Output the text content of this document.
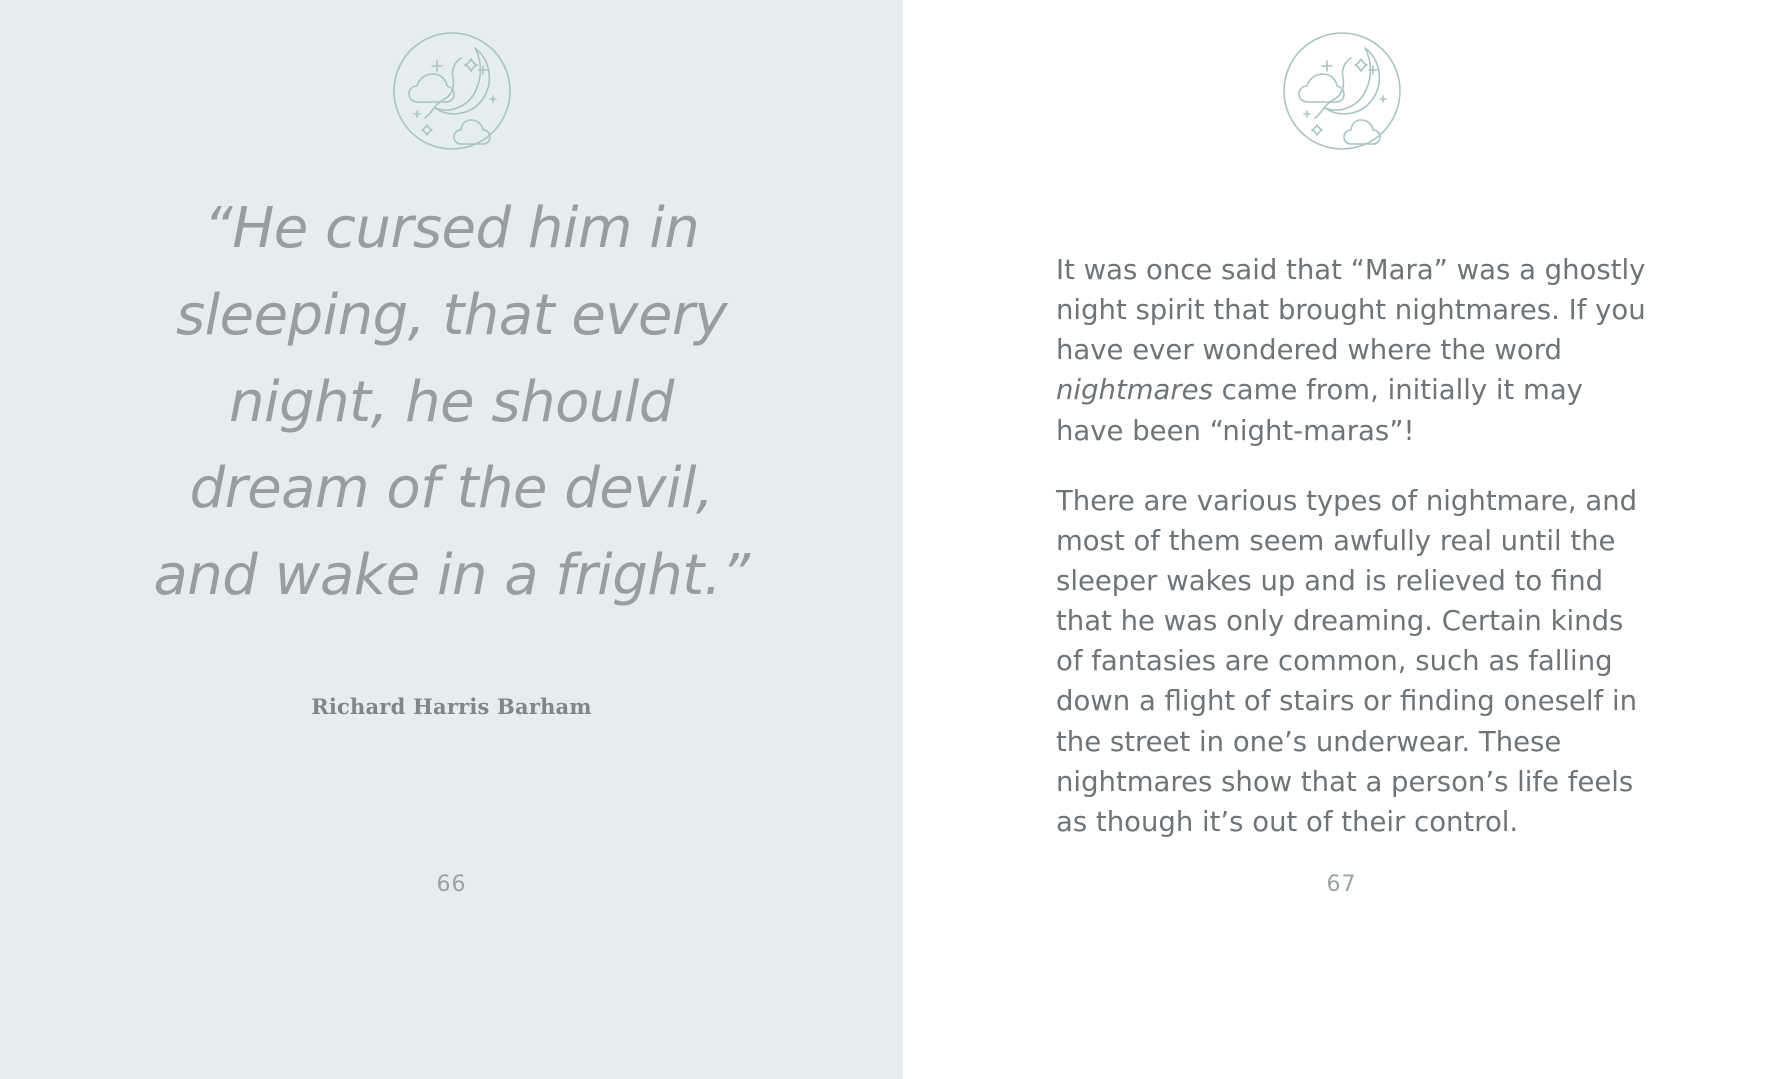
“He cursed him in sleeping, that every night, he should dream of the devil, and wake in a fright.”
Richard Harris Barham
66

It was once said that “Mara” was a ghostly night spirit that brought nightmares. If you have ever wondered where the word nightmares came from, initially it may have been “night-maras”!

There are various types of nightmare, and most of them seem awfully real until the sleeper wakes up and is relieved to find that he was only dreaming. Certain kinds of fantasies are common, such as falling down a flight of stairs or finding oneself in the street in one’s underwear. These nightmares show that a person’s life feels as though it’s out of their control.

67
